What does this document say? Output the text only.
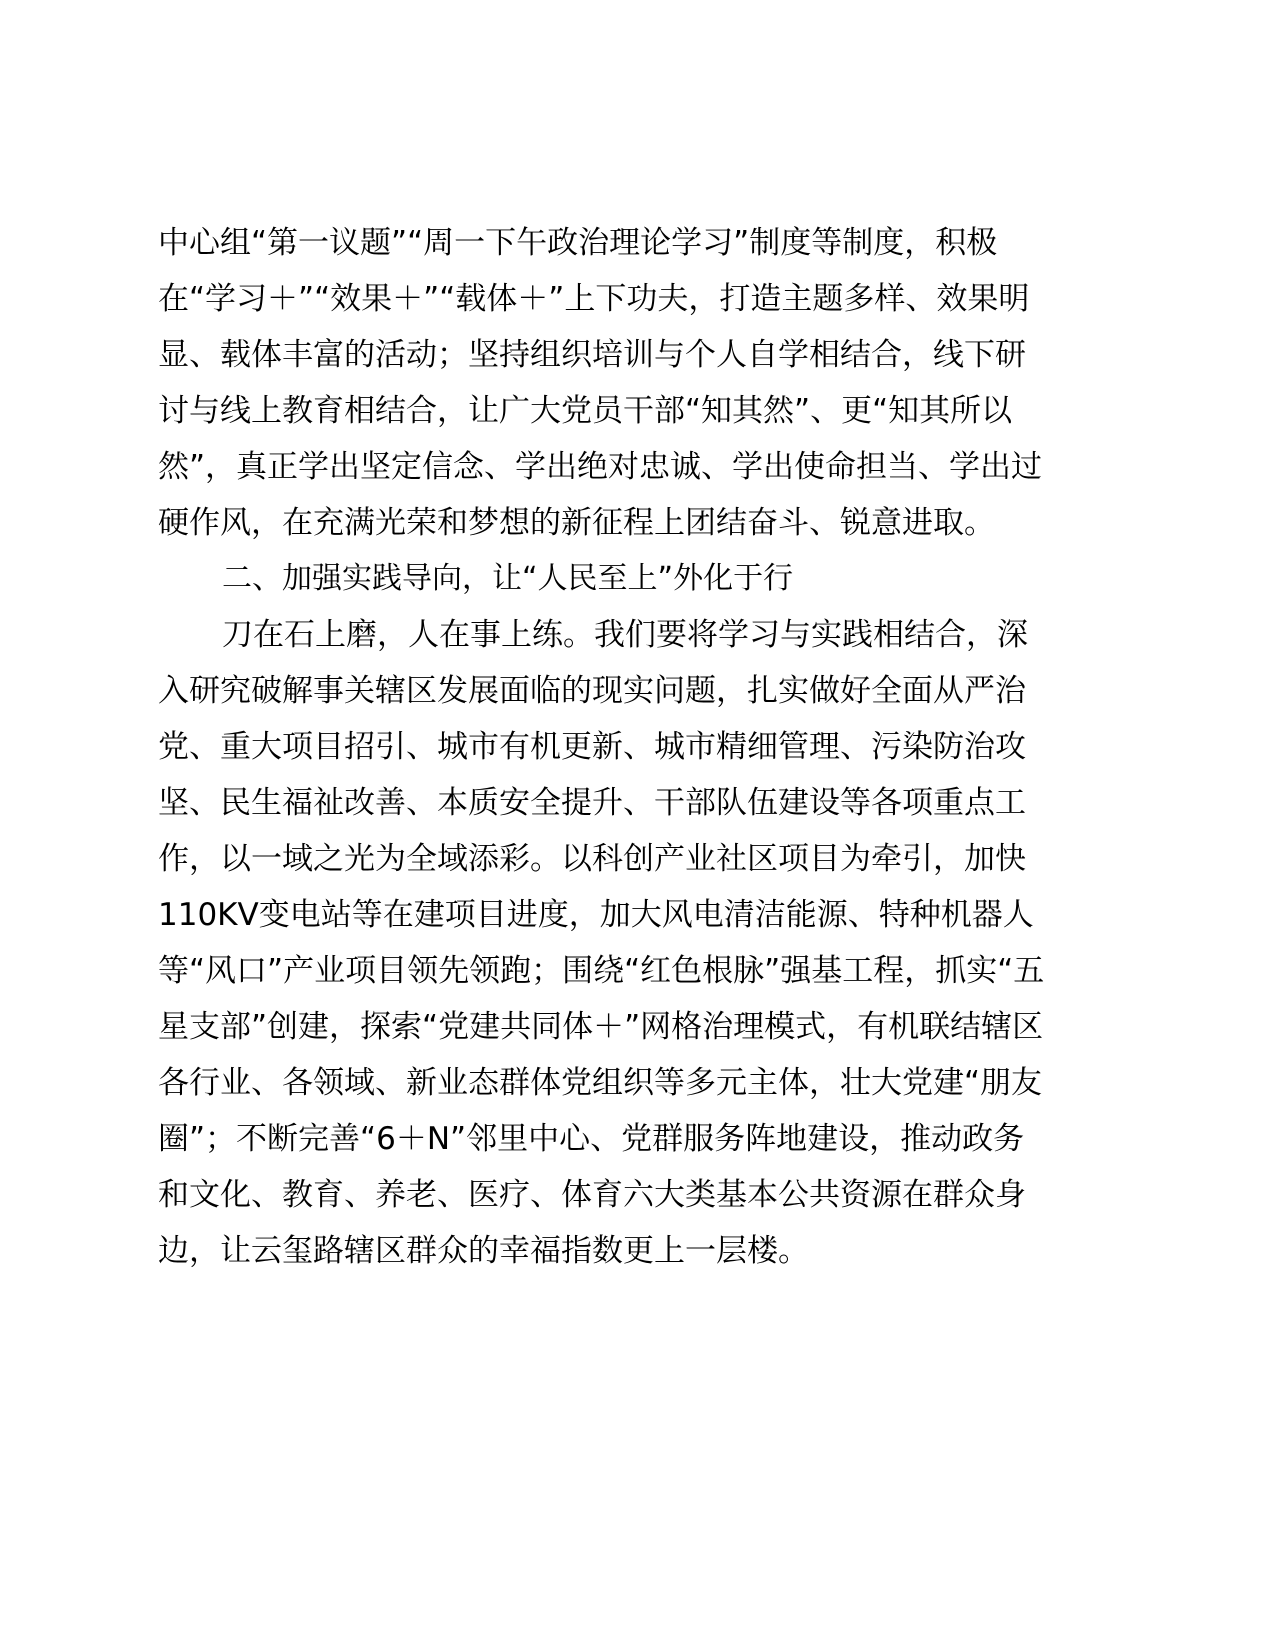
中心组“第一议题”“周一下午政治理论学习”制度等制度，积极
在“学习＋”“效果＋”“载体＋”上下功夫，打造主题多样、效果明
显、载体丰富的活动；坚持组织培训与个人自学相结合，线下研
讨与线上教育相结合，让广大党员干部“知其然”、更“知其所以
然”，真正学出坚定信念、学出绝对忠诚、学出使命担当、学出过
硬作风，在充满光荣和梦想的新征程上团结奋斗、锐意进取。
二、加强实践导向，让“人民至上”外化于行
刀在石上磨，人在事上练。我们要将学习与实践相结合，深
入研究破解事关辖区发展面临的现实问题，扎实做好全面从严治
党、重大项目招引、城市有机更新、城市精细管理、污染防治攻
坚、民生福祉改善、本质安全提升、干部队伍建设等各项重点工
作，以一域之光为全域添彩。以科创产业社区项目为牵引，加快
110KV变电站等在建项目进度，加大风电清洁能源、特种机器人
等“风口”产业项目领先领跑；围绕“红色根脉”强基工程，抓实“五
星支部”创建，探索“党建共同体＋”网格治理模式，有机联结辖区
各行业、各领域、新业态群体党组织等多元主体，壮大党建“朋友
圈”；不断完善“6＋N”邻里中心、党群服务阵地建设，推动政务
和文化、教育、养老、医疗、体育六大类基本公共资源在群众身
边，让云玺路辖区群众的幸福指数更上一层楼。
